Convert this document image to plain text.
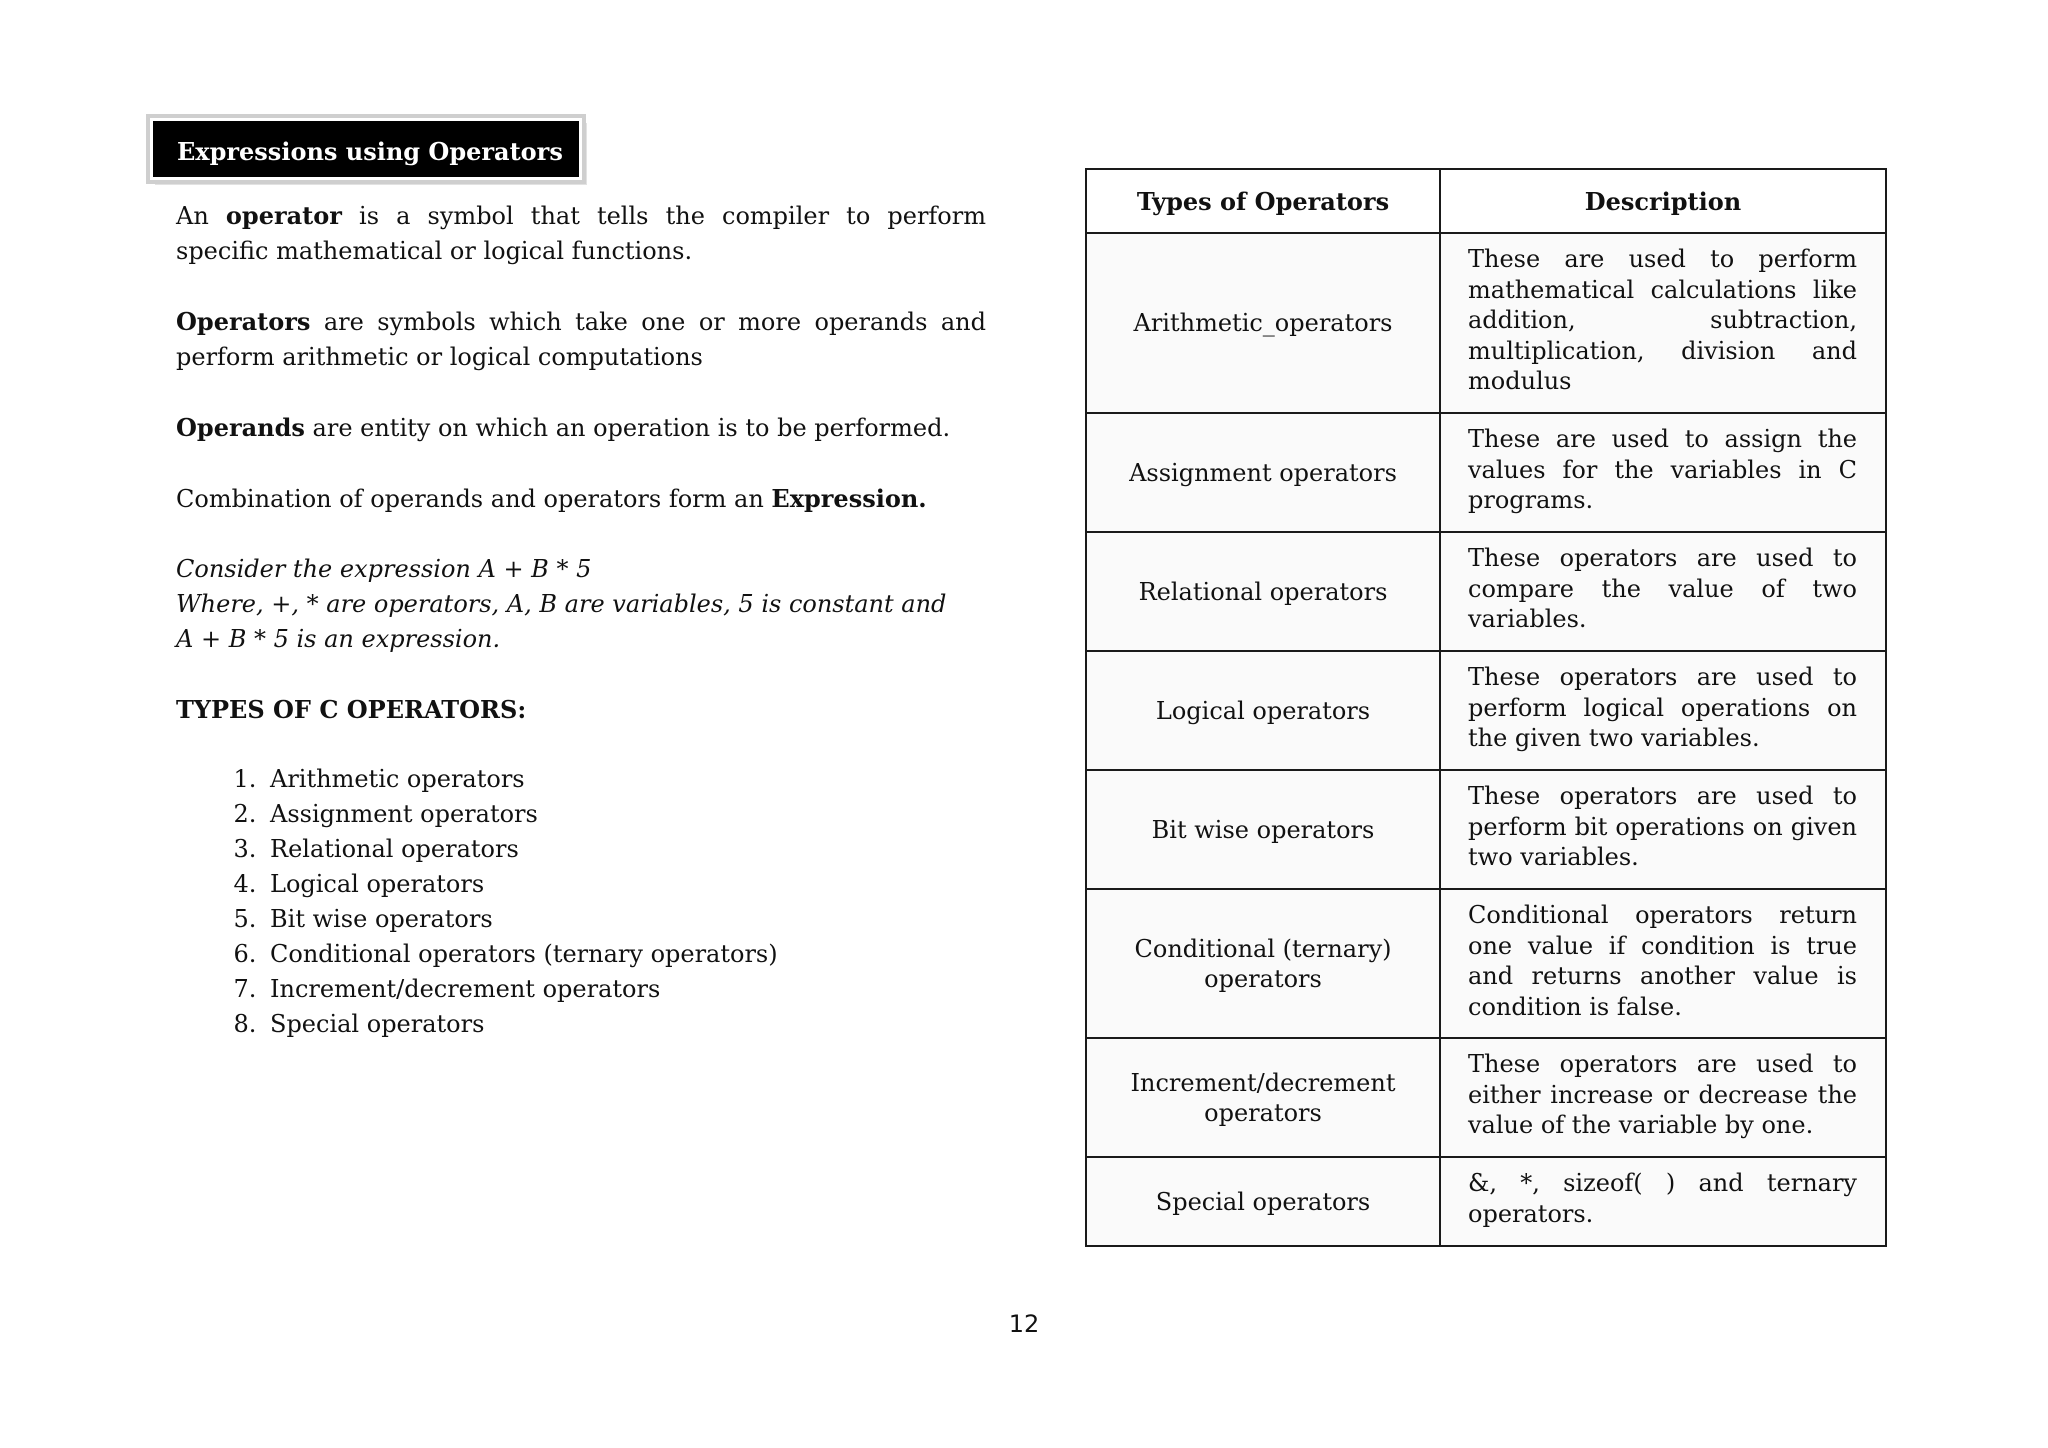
Expressions using Operators

An operator is a symbol that tells the compiler to perform specific mathematical or logical functions.

Operators are symbols which take one or more operands and perform arithmetic or logical computations

Operands are entity on which an operation is to be performed.

Combination of operands and operators form an Expression.

Consider the expression A + B * 5
Where, +, * are operators, A, B are variables, 5 is constant and
A + B * 5 is an expression.
TYPES OF C OPERATORS:
1. Arithmetic operators
2. Assignment operators
3. Relational operators
4. Logical operators
5. Bit wise operators
6. Conditional operators (ternary operators)
7. Increment/decrement operators
8. Special operators
Types of Operators	Description
Arithmetic_operators	These are used to perform mathematical calculations like addition, subtraction, multiplication, division and modulus
Assignment operators	These are used to assign the values for the variables in C programs.
Relational operators	These operators are used to compare the value of two variables.
Logical operators	These operators are used to perform logical operations on the given two variables.
Bit wise operators	These operators are used to perform bit operations on given two variables.
Conditional (ternary) operators	Conditional operators return one value if condition is true and returns another value is condition is false.
Increment/decrement operators	These operators are used to either increase or decrease the value of the variable by one.
Special operators	&, *, sizeof( ) and ternary operators.
12
